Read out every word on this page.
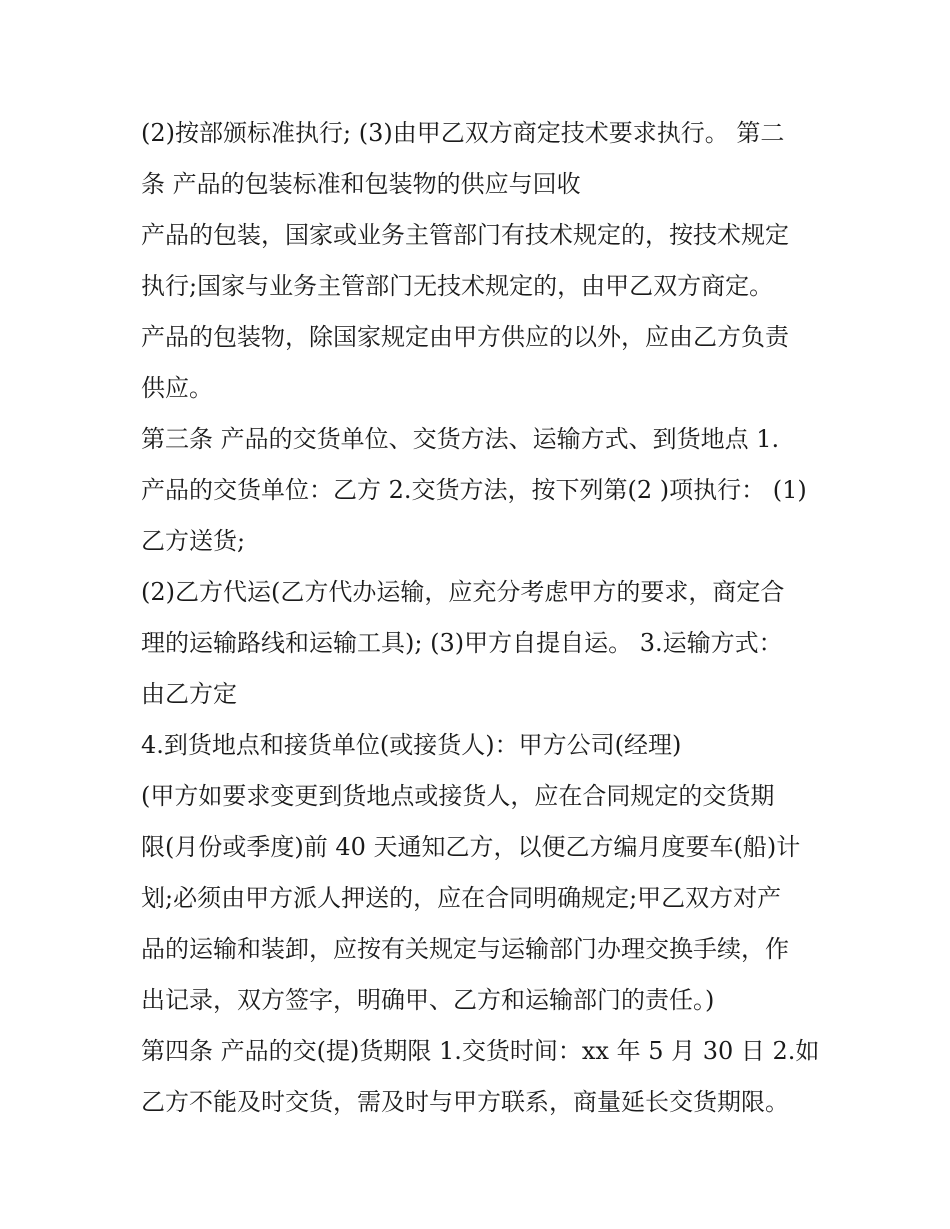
(2)按部颁标准执行; (3)由甲乙双方商定技术要求执行。 第二
条 产品的包装标准和包装物的供应与回收
产品的包装，国家或业务主管部门有技术规定的，按技术规定
执行;国家与业务主管部门无技术规定的，由甲乙双方商定。
产品的包装物，除国家规定由甲方供应的以外，应由乙方负责
供应。
第三条 产品的交货单位、交货方法、运输方式、到货地点 1.
产品的交货单位：乙方 2.交货方法，按下列第(2 )项执行： (1)
乙方送货;
(2)乙方代运(乙方代办运输，应充分考虑甲方的要求，商定合
理的运输路线和运输工具); (3)甲方自提自运。 3.运输方式：
由乙方定
4.到货地点和接货单位(或接货人)：甲方公司(经理)
(甲方如要求变更到货地点或接货人，应在合同规定的交货期
限(月份或季度)前 40 天通知乙方，以便乙方编月度要车(船)计
划;必须由甲方派人押送的，应在合同明确规定;甲乙双方对产
品的运输和装卸，应按有关规定与运输部门办理交换手续，作
出记录，双方签字，明确甲、乙方和运输部门的责任。)
第四条 产品的交(提)货期限 1.交货时间：xx 年 5 月 30 日 2.如
乙方不能及时交货，需及时与甲方联系，商量延长交货期限。
